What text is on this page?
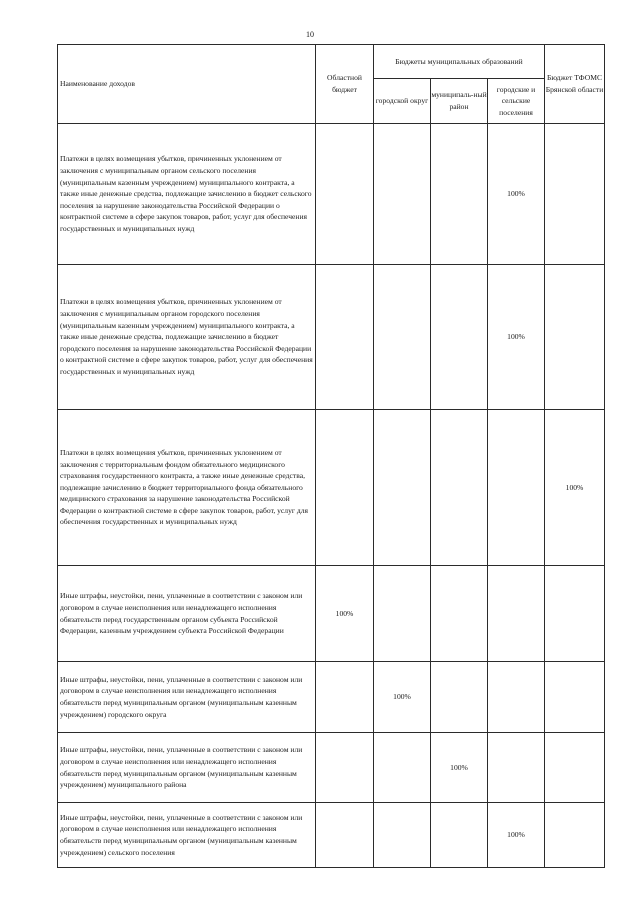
10
Наименование доходов	Областной бюджет	Бюджеты муниципальных образований			Бюджет ТФОМС Брянской области
		городской округ	муниципаль-ный район	городские и сельские поселения	
Платежи в целях возмещения убытков, причиненных уклонением от заключения с муниципальным органом сельского поселения (муниципальным казенным учреждением) муниципального контракта, а также иные денежные средства, подлежащие зачислению в бюджет сельского поселения за нарушение законодательства Российской Федерации о контрактной системе в сфере закупок товаров, работ, услуг для обеспечения государственных и муниципальных нужд				100%	
Платежи в целях возмещения убытков, причиненных уклонением от заключения с муниципальным органом городского поселения (муниципальным казенным учреждением) муниципального контракта, а также иные денежные средства, подлежащие зачислению в бюджет городского поселения за нарушение законодательства Российской Федерации о контрактной системе в сфере закупок товаров, работ, услуг для обеспечения государственных и муниципальных нужд				100%	
Платежи в целях возмещения убытков, причиненных уклонением от заключения с территориальным фондом обязательного медицинского страхования государственного контракта, а также иные денежные средства, подлежащие зачислению в бюджет территориального фонда обязательного медицинского страхования за нарушение законодательства Российской Федерации о контрактной системе в сфере закупок товаров, работ, услуг для обеспечения государственных и муниципальных нужд					100%
Иные штрафы, неустойки, пени, уплаченные в соответствии с законом или договором в случае неисполнения или ненадлежащего исполнения обязательств перед государственным органом субъекта Российской Федерации, казенным учреждением субъекта Российской Федерации	100%				
Иные штрафы, неустойки, пени, уплаченные в соответствии с законом или договором в случае неисполнения или ненадлежащего исполнения обязательств перед муниципальным органом (муниципальным казенным учреждением) городского округа		100%			
Иные штрафы, неустойки, пени, уплаченные в соответствии с законом или договором в случае неисполнения или ненадлежащего исполнения обязательств перед муниципальным органом (муниципальным казенным учреждением) муниципального района			100%		
Иные штрафы, неустойки, пени, уплаченные в соответствии с законом или договором в случае неисполнения или ненадлежащего исполнения обязательств перед муниципальным органом (муниципальным казенным учреждением) сельского поселения				100%	
